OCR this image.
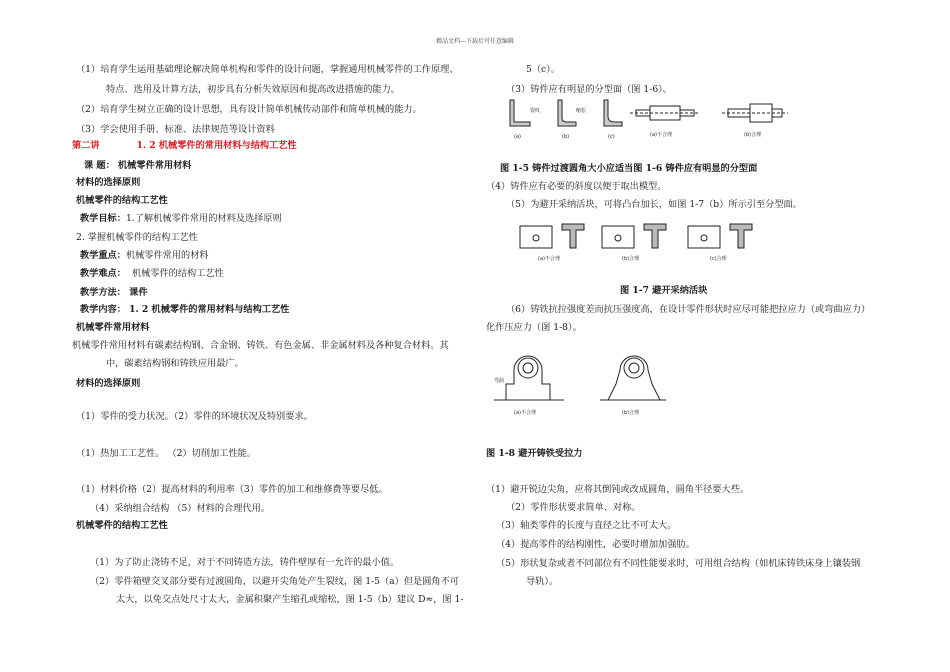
精品文档---下载后可任意编辑
（1）培育学生运用基础理论解决简单机构和零件的设计问题，掌握通用机械零件的工作原理、
特点、选用及计算方法，初步具有分析失效原因和提高改进措施的能力。
（2）培育学生树立正确的设计思想，具有设计简单机械传动部件和简单机械的能力。
（3）学会使用手册、标准、法律规范等设计资料
课 题： 机械零件常用材料
材料的选择原则
机械零件的结构工艺性
2. 掌握机械零件的结构工艺性
教学方法： 课件
教学内容： 1. 2 机械零件的常用材料与结构工艺性
机械零件常用材料
机械零件常用材料有碳素结构钢、合金钢、铸铁、有色金属、非金属材料及各种复合材料。其
中，碳素结构钢和铸铁应用最广。
材料的选择原则
（1）零件的受力状况。（2）零件的环境状况及特别要求。
（1）热加工工艺性。 （2）切削加工性能。
（1）材料价格（2）提高材料的利用率（3）零件的加工和维修费等要尽低。
（4）采纳组合结构 （5）材料的合理代用。
机械零件的结构工艺性
（1）为了防止浇铸不足，对于不同铸造方法，铸件壁厚有一允许的最小值。
（2）零件箱壁交叉部分要有过渡圆角，以避开尖角处产生裂纹，图 1-5（a）但是圆角不可
太大，以免交点处尺寸太大，金属积聚产生缩孔或缩松，图 1-5（b）建议 D≈，图 1-
5（c）。
（3）铸件应有明显的分型面（图 1-6）。
图 1-5 铸件过渡圆角大小应适当图 1-6 铸件应有明显的分型面
（4）铸件应有必要的斜度以便于取出模型。
（5）为避开采纳活块，可将凸台加长，如图 1-7（b）所示引至分型面。
图 1-7 避开采纳活块
（6）铸铁抗拉强度差而抗压强度高，在设计零件形状时应尽可能把拉应力（或弯曲应力）
化作压应力（图 1-8）。
图 1-8 避开铸铁受拉力
（1）避开锐边尖角，应将其倒钝或改成圆角，圆角半径要大些。
（2）零件形状要求简单、对称。
（3）轴类零件的长度与直径之比不可太大。
（4）提高零件的结构刚性，必要时增加加强肋。
（5）形状复杂或者不同部位有不同性能要求时，可用组合结构（如机床铸铁床身上镶装钢
导轨）。
第二讲	1. 2 机械零件的常用材料与结构工艺性
教学目标：1.了解机械零件常用的材料及选择原则
教学重点：机械零件常用的材料
教学难点： 机械零件的结构工艺性
裂纹	缩松
(a)	(b)	(c)	(a)不合理	(b)合理
(a)不合理	(b)合理	(c)合理
弯曲
(a)不合理	(b)合理
